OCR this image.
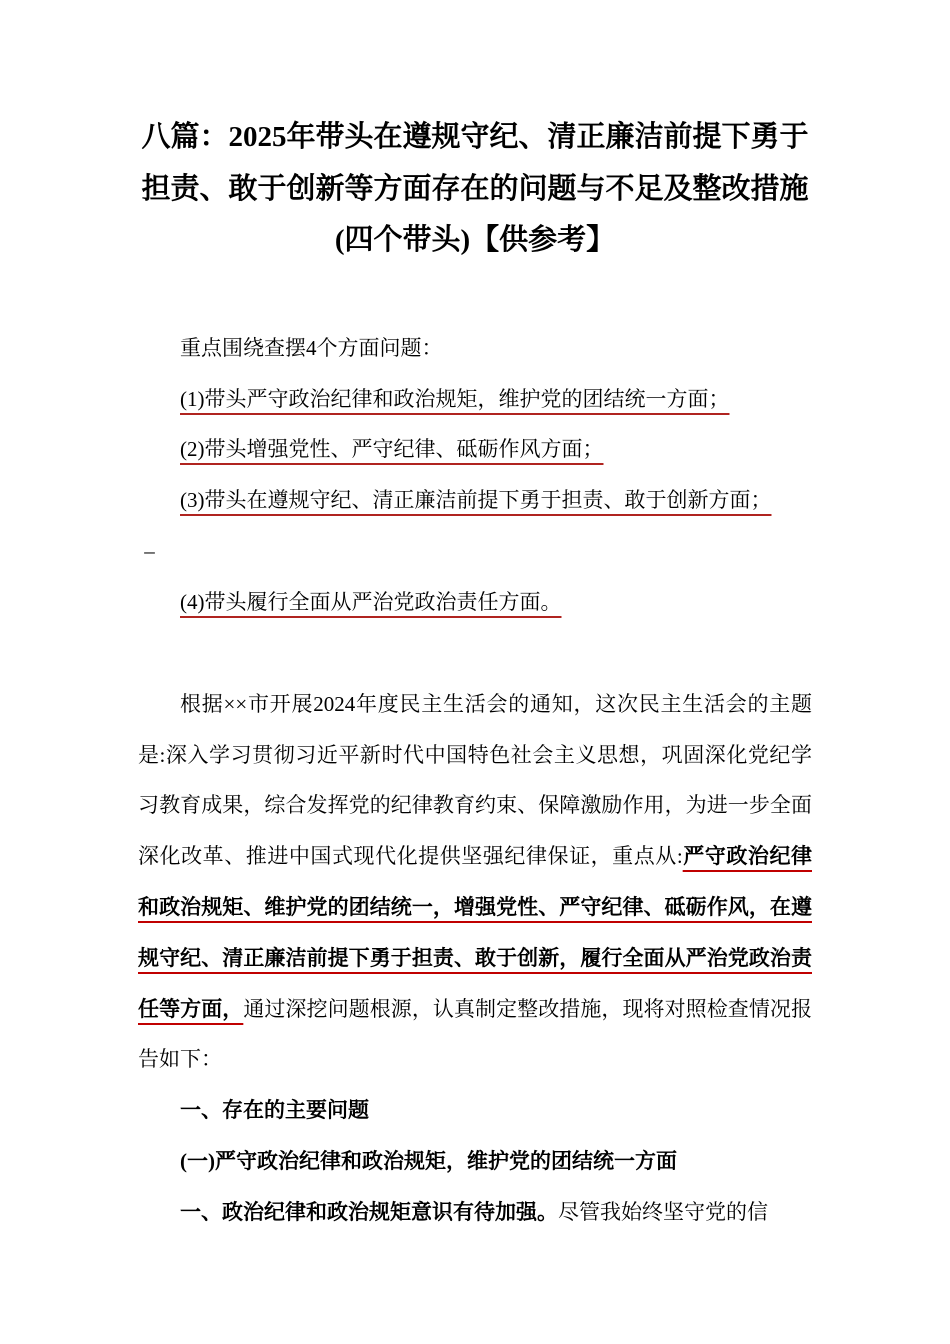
八篇：2025年带头在遵规守纪、清正廉洁前提下勇于担责、敢于创新等方面存在的问题与不足及整改措施(四个带头)【供参考】

重点围绕查摆4个方面问题：

(1)带头严守政治纪律和政治规矩，维护党的团结统一方面；

(2)带头增强党性、严守纪律、砥砺作风方面；

(3)带头在遵规守纪、清正廉洁前提下勇于担责、敢于创新方面；

–

(4)带头履行全面从严治党政治责任方面。

根据××市开展2024年度民主生活会的通知，这次民主生活会的主题是:深入学习贯彻习近平新时代中国特色社会主义思想，巩固深化党纪学习教育成果，综合发挥党的纪律教育约束、保障激励作用，为进一步全面深化改革、推进中国式现代化提供坚强纪律保证，重点从:严守政治纪律和政治规矩、维护党的团结统一，增强党性、严守纪律、砥砺作风，在遵规守纪、清正廉洁前提下勇于担责、敢于创新，履行全面从严治党政治责任等方面，通过深挖问题根源，认真制定整改措施，现将对照检查情况报告如下：

一、存在的主要问题

(一)严守政治纪律和政治规矩，维护党的团结统一方面

一、政治纪律和政治规矩意识有待加强。尽管我始终坚守党的信
